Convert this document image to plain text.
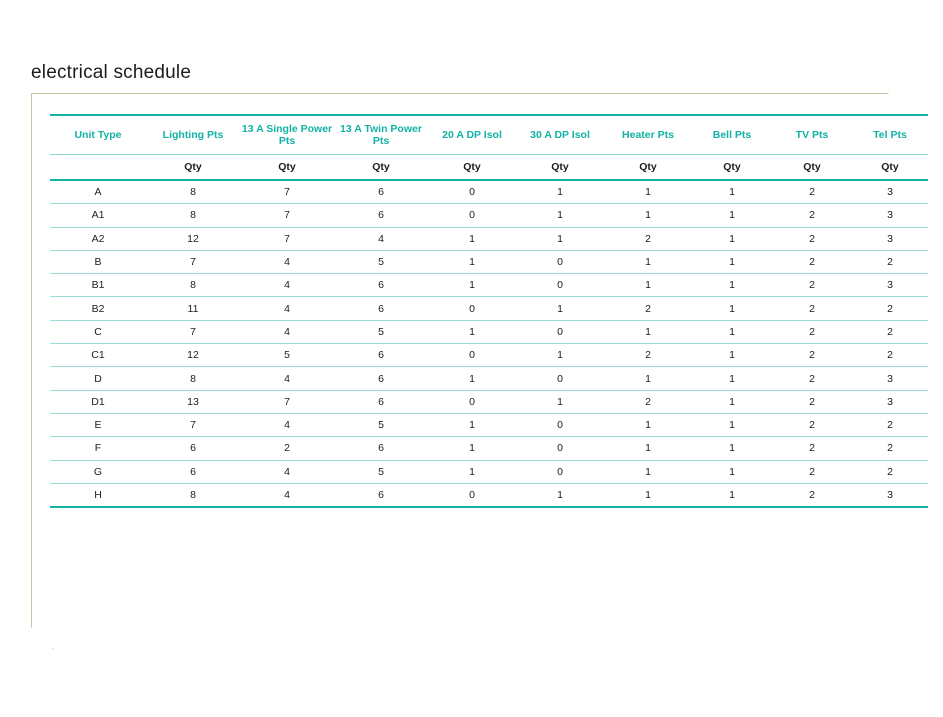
electrical schedule
Unit Type	Lighting Pts	13 A Single Power Pts	13 A Twin Power Pts	20 A DP Isol	30 A DP Isol	Heater Pts	Bell Pts	TV Pts	Tel Pts
	Qty	Qty	Qty	Qty	Qty	Qty	Qty	Qty	Qty
A	8	7	6	0	1	1	1	2	3
A1	8	7	6	0	1	1	1	2	3
A2	12	7	4	1	1	2	1	2	3
B	7	4	5	1	0	1	1	2	2
B1	8	4	6	1	0	1	1	2	3
B2	11	4	6	0	1	2	1	2	2
C	7	4	5	1	0	1	1	2	2
C1	12	5	6	0	1	2	1	2	2
D	8	4	6	1	0	1	1	2	3
D1	13	7	6	0	1	2	1	2	3
E	7	4	5	1	0	1	1	2	2
F	6	2	6	1	0	1	1	2	2
G	6	4	5	1	0	1	1	2	2
H	8	4	6	0	1	1	1	2	3
